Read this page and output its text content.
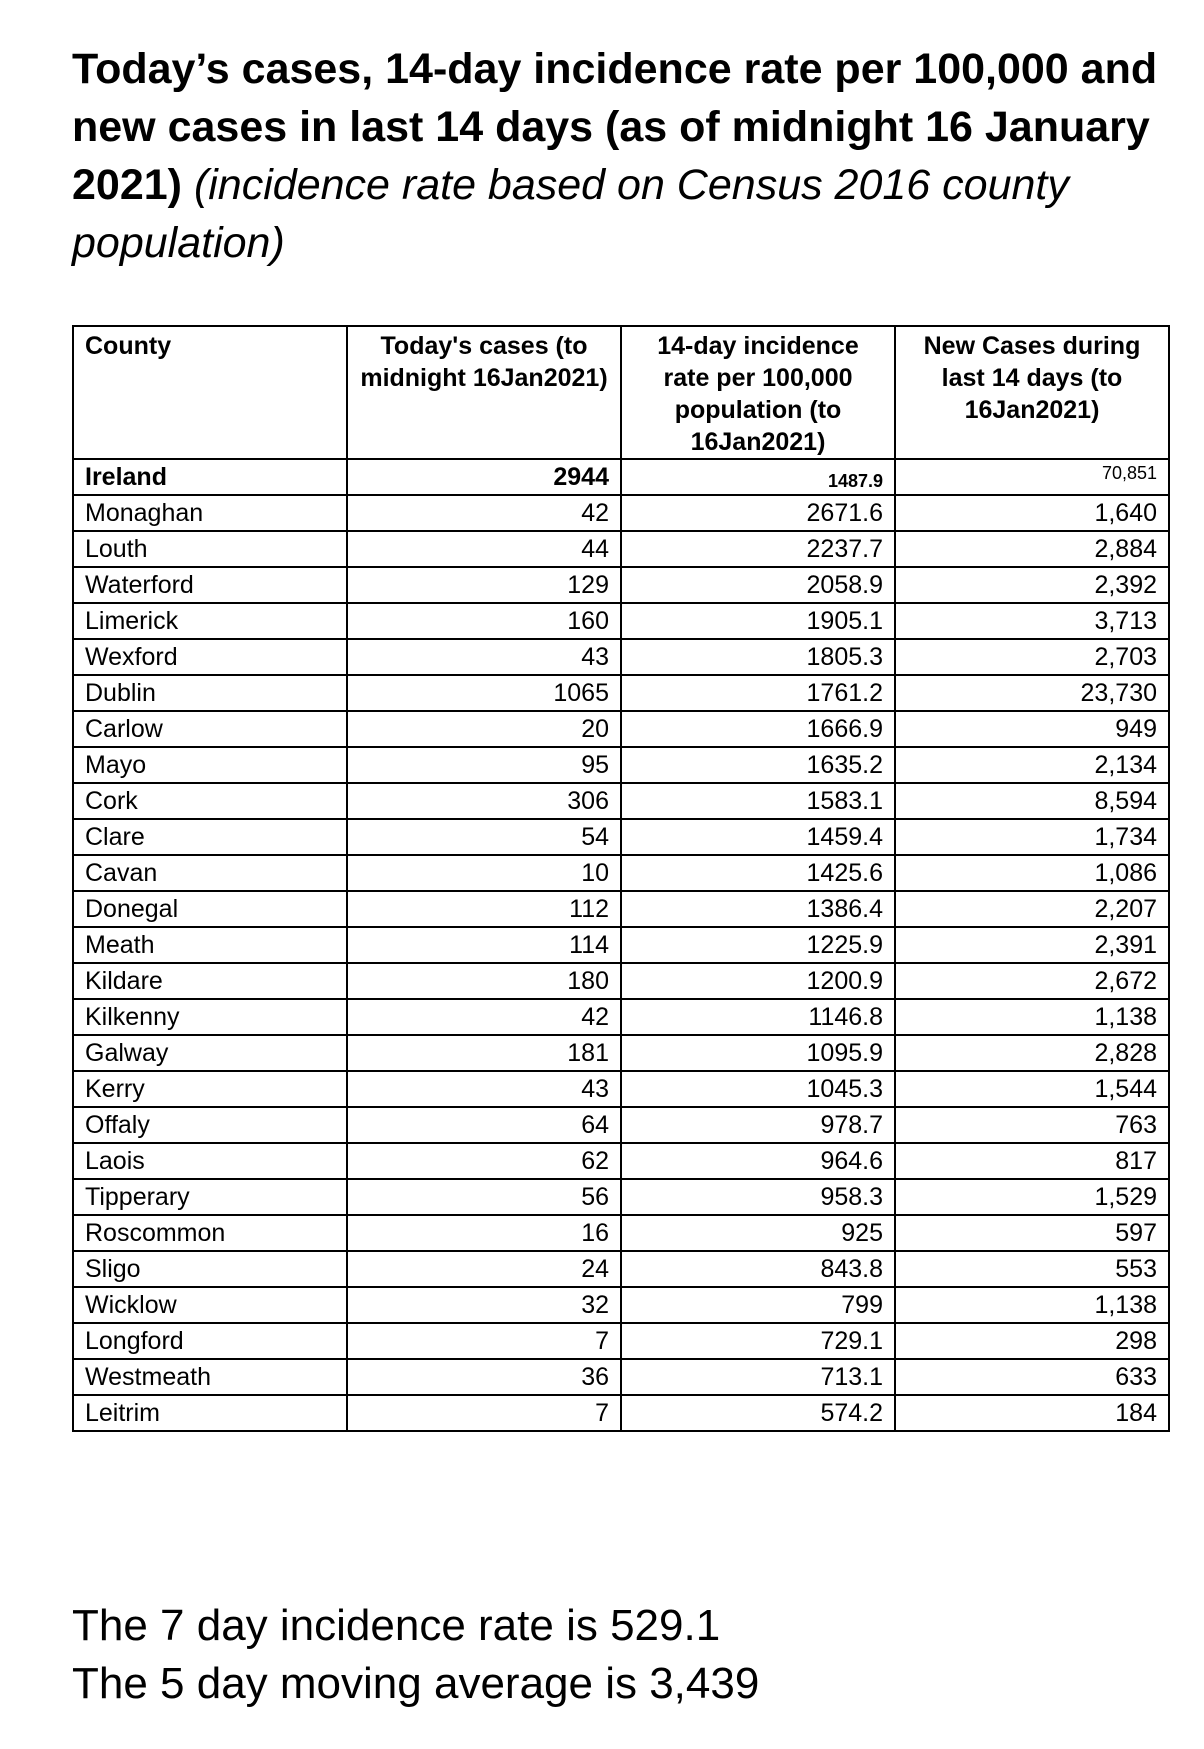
Today’s cases, 14-day incidence rate per 100,000 and new cases in last 14 days (as of midnight 16 January 2021) (incidence rate based on Census 2016 county population)
County	Today's cases (to midnight 16Jan2021)	14-day incidence rate per 100,000 population (to 16Jan2021)	New Cases during last 14 days (to 16Jan2021)
Ireland	2944	1487.9	70,851
Monaghan	42	2671.6	1,640
Louth	44	2237.7	2,884
Waterford	129	2058.9	2,392
Limerick	160	1905.1	3,713
Wexford	43	1805.3	2,703
Dublin	1065	1761.2	23,730
Carlow	20	1666.9	949
Mayo	95	1635.2	2,134
Cork	306	1583.1	8,594
Clare	54	1459.4	1,734
Cavan	10	1425.6	1,086
Donegal	112	1386.4	2,207
Meath	114	1225.9	2,391
Kildare	180	1200.9	2,672
Kilkenny	42	1146.8	1,138
Galway	181	1095.9	2,828
Kerry	43	1045.3	1,544
Offaly	64	978.7	763
Laois	62	964.6	817
Tipperary	56	958.3	1,529
Roscommon	16	925	597
Sligo	24	843.8	553
Wicklow	32	799	1,138
Longford	7	729.1	298
Westmeath	36	713.1	633
Leitrim	7	574.2	184
The 7 day incidence rate is 529.1
The 5 day moving average is 3,439
